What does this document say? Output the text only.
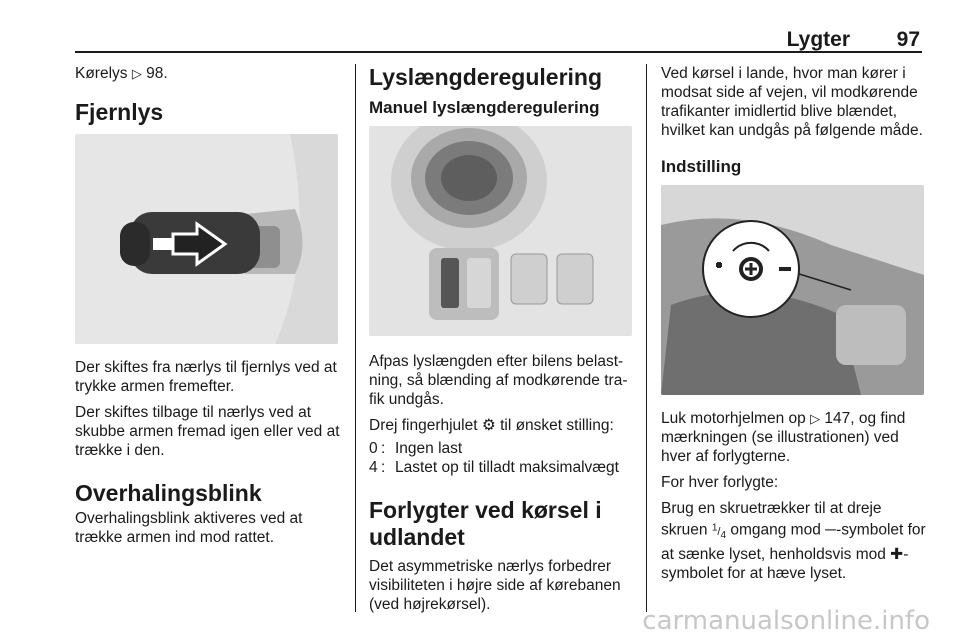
Lygter 97

Kørelys ▷ 98.

Fjernlys

Der skiftes fra nærlys til fjernlys ved at trykke armen fremefter.

Der skiftes tilbage til nærlys ved at skubbe armen fremad igen eller ved at trække i den.

Overhalingsblink

Overhalingsblink aktiveres ved at trække armen ind mod rattet.

Lyslængderegulering
Manuel lyslængderegulering

Afpas lyslængden efter bilens belast-ning, så blænding af modkørende tra-fik undgås.

Drej fingerhjulet ⚙ til ønsket stilling:

0 : Ingen last
4 : Lastet op til tilladt maksimalvægt
Forlygter ved kørsel i udlandet

Det asymmetriske nærlys forbedrer visibiliteten i højre side af kørebanen (ved højrekørsel).

Ved kørsel i lande, hvor man kører i modsat side af vejen, vil modkørende trafikanter imidlertid blive blændet, hvilket kan undgås på følgende måde.

Indstilling

Luk motorhjelmen op ▷ 147, og find mærkningen (se illustrationen) ved hver af forlygterne.

For hver forlygte:

Brug en skruetrækker til at dreje skruen $^1/_4$ omgang mod ─-symbolet for at sænke lyset, henholdsvis mod ✚-symbolet for at hæve lyset.

carmanualsonline.info
